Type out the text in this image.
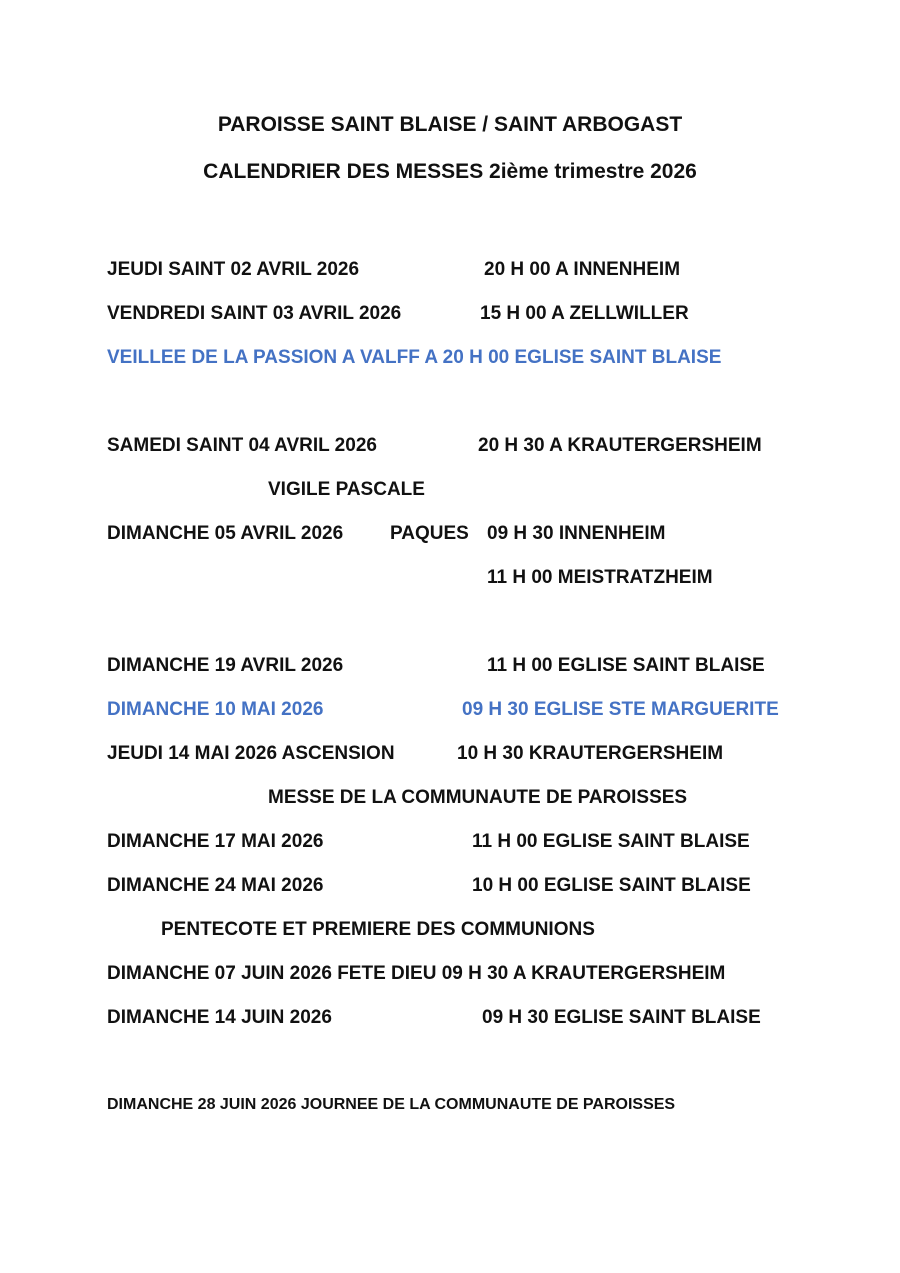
PAROISSE SAINT BLAISE / SAINT ARBOGAST
CALENDRIER DES MESSES 2ième trimestre 2026
JEUDI SAINT 02 AVRIL 2026	20 H 00 A INNENHEIM
VENDREDI SAINT 03 AVRIL 2026	15 H 00 A ZELLWILLER
VEILLEE DE LA PASSION A VALFF A 20 H 00 EGLISE SAINT BLAISE
SAMEDI SAINT 04 AVRIL 2026	20 H 30 A KRAUTERGERSHEIM
VIGILE PASCALE
DIMANCHE 05 AVRIL 2026 PAQUES 09 H 30 INNENHEIM
11 H 00 MEISTRATZHEIM
DIMANCHE 19 AVRIL 2026	11 H 00 EGLISE SAINT BLAISE
DIMANCHE 10 MAI 2026	09 H 30 EGLISE STE MARGUERITE
JEUDI 14 MAI 2026 ASCENSION	10 H 30 KRAUTERGERSHEIM
MESSE DE LA COMMUNAUTE DE PAROISSES
DIMANCHE 17 MAI 2026	11 H 00 EGLISE SAINT BLAISE
DIMANCHE 24 MAI 2026	10 H 00 EGLISE SAINT BLAISE
PENTECOTE ET PREMIERE DES COMMUNIONS
DIMANCHE 07 JUIN 2026 FETE DIEU 09 H 30 A KRAUTERGERSHEIM
DIMANCHE 14 JUIN 2026	09 H 30 EGLISE SAINT BLAISE
DIMANCHE 28 JUIN 2026 JOURNEE DE LA COMMUNAUTE DE PAROISSES
